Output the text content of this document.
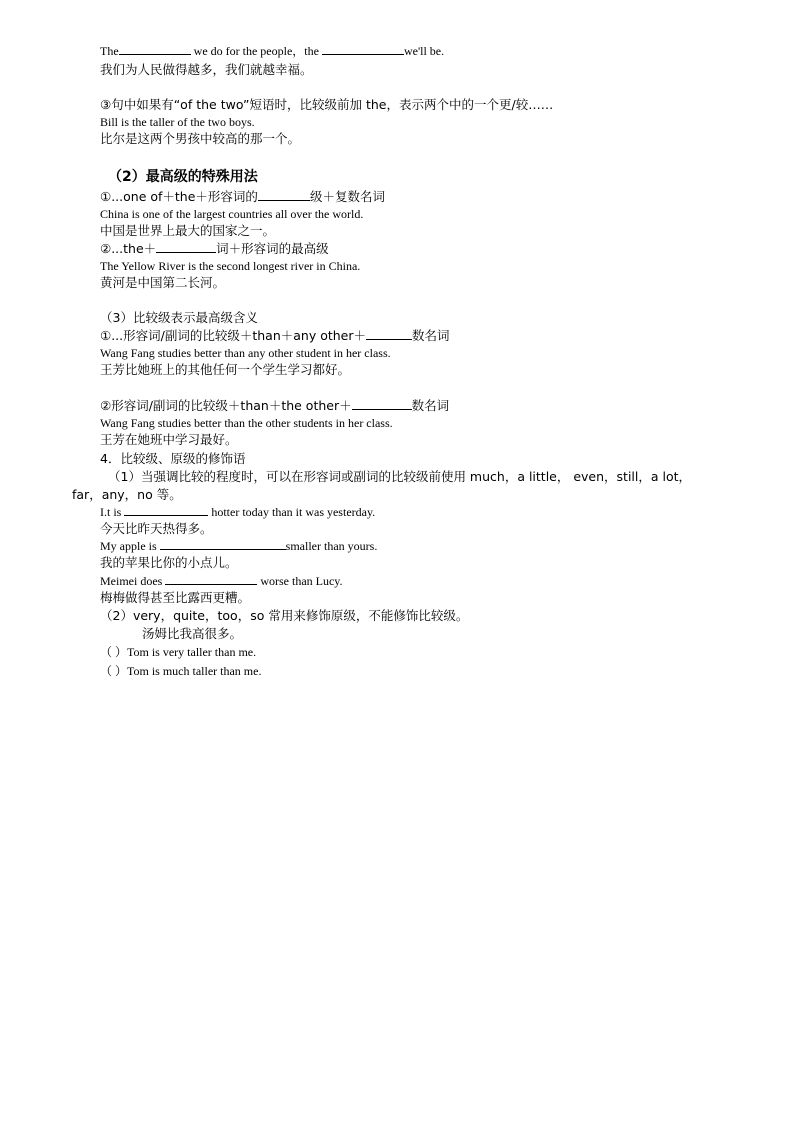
The	we do for the people，the	we'll be.
我们为人民做得越多，我们就越幸福。
③句中如果有“of the two”短语时，比较级前加 the，表示两个中的一个更/较……
Bill is the taller of the two boys.
比尔是这两个男孩中较高的那一个。
（2）最高级的特殊用法
①...one of＋the＋形容词的	级＋复数名词
China is one of the largest countries all over the world.
中国是世界上最大的国家之一。
②...the＋	词＋形容词的最高级
The Yellow River is the second longest river in China.
黄河是中国第二长河。
（3）比较级表示最高级含义
①...形容词/副词的比较级＋than＋any other＋	数名词
Wang Fang studies better than any other student in her class.
王芳比她班上的其他任何一个学生学习都好。
②形容词/副词的比较级＋than＋the other＋	数名词
Wang Fang studies better than the other students in her class.
王芳在她班中学习最好。
4．比较级、原级的修饰语
（1）当强调比较的程度时，可以在形容词或副词的比较级前使用 much，a little， even，still，a lot，
far，any，no 等。
I.t is	hotter today than it was yesterday.
今天比昨天热得多。
My apple is	smaller than yours.
我的苹果比你的小点儿。
Meimei does	worse than Lucy.
梅梅做得甚至比露西更糟。
（2）very，quite，too，so 常用来修饰原级，不能修饰比较级。
汤姆比我高很多。
（ ）Tom is very taller than me.
（ ）Tom is much taller than me.
